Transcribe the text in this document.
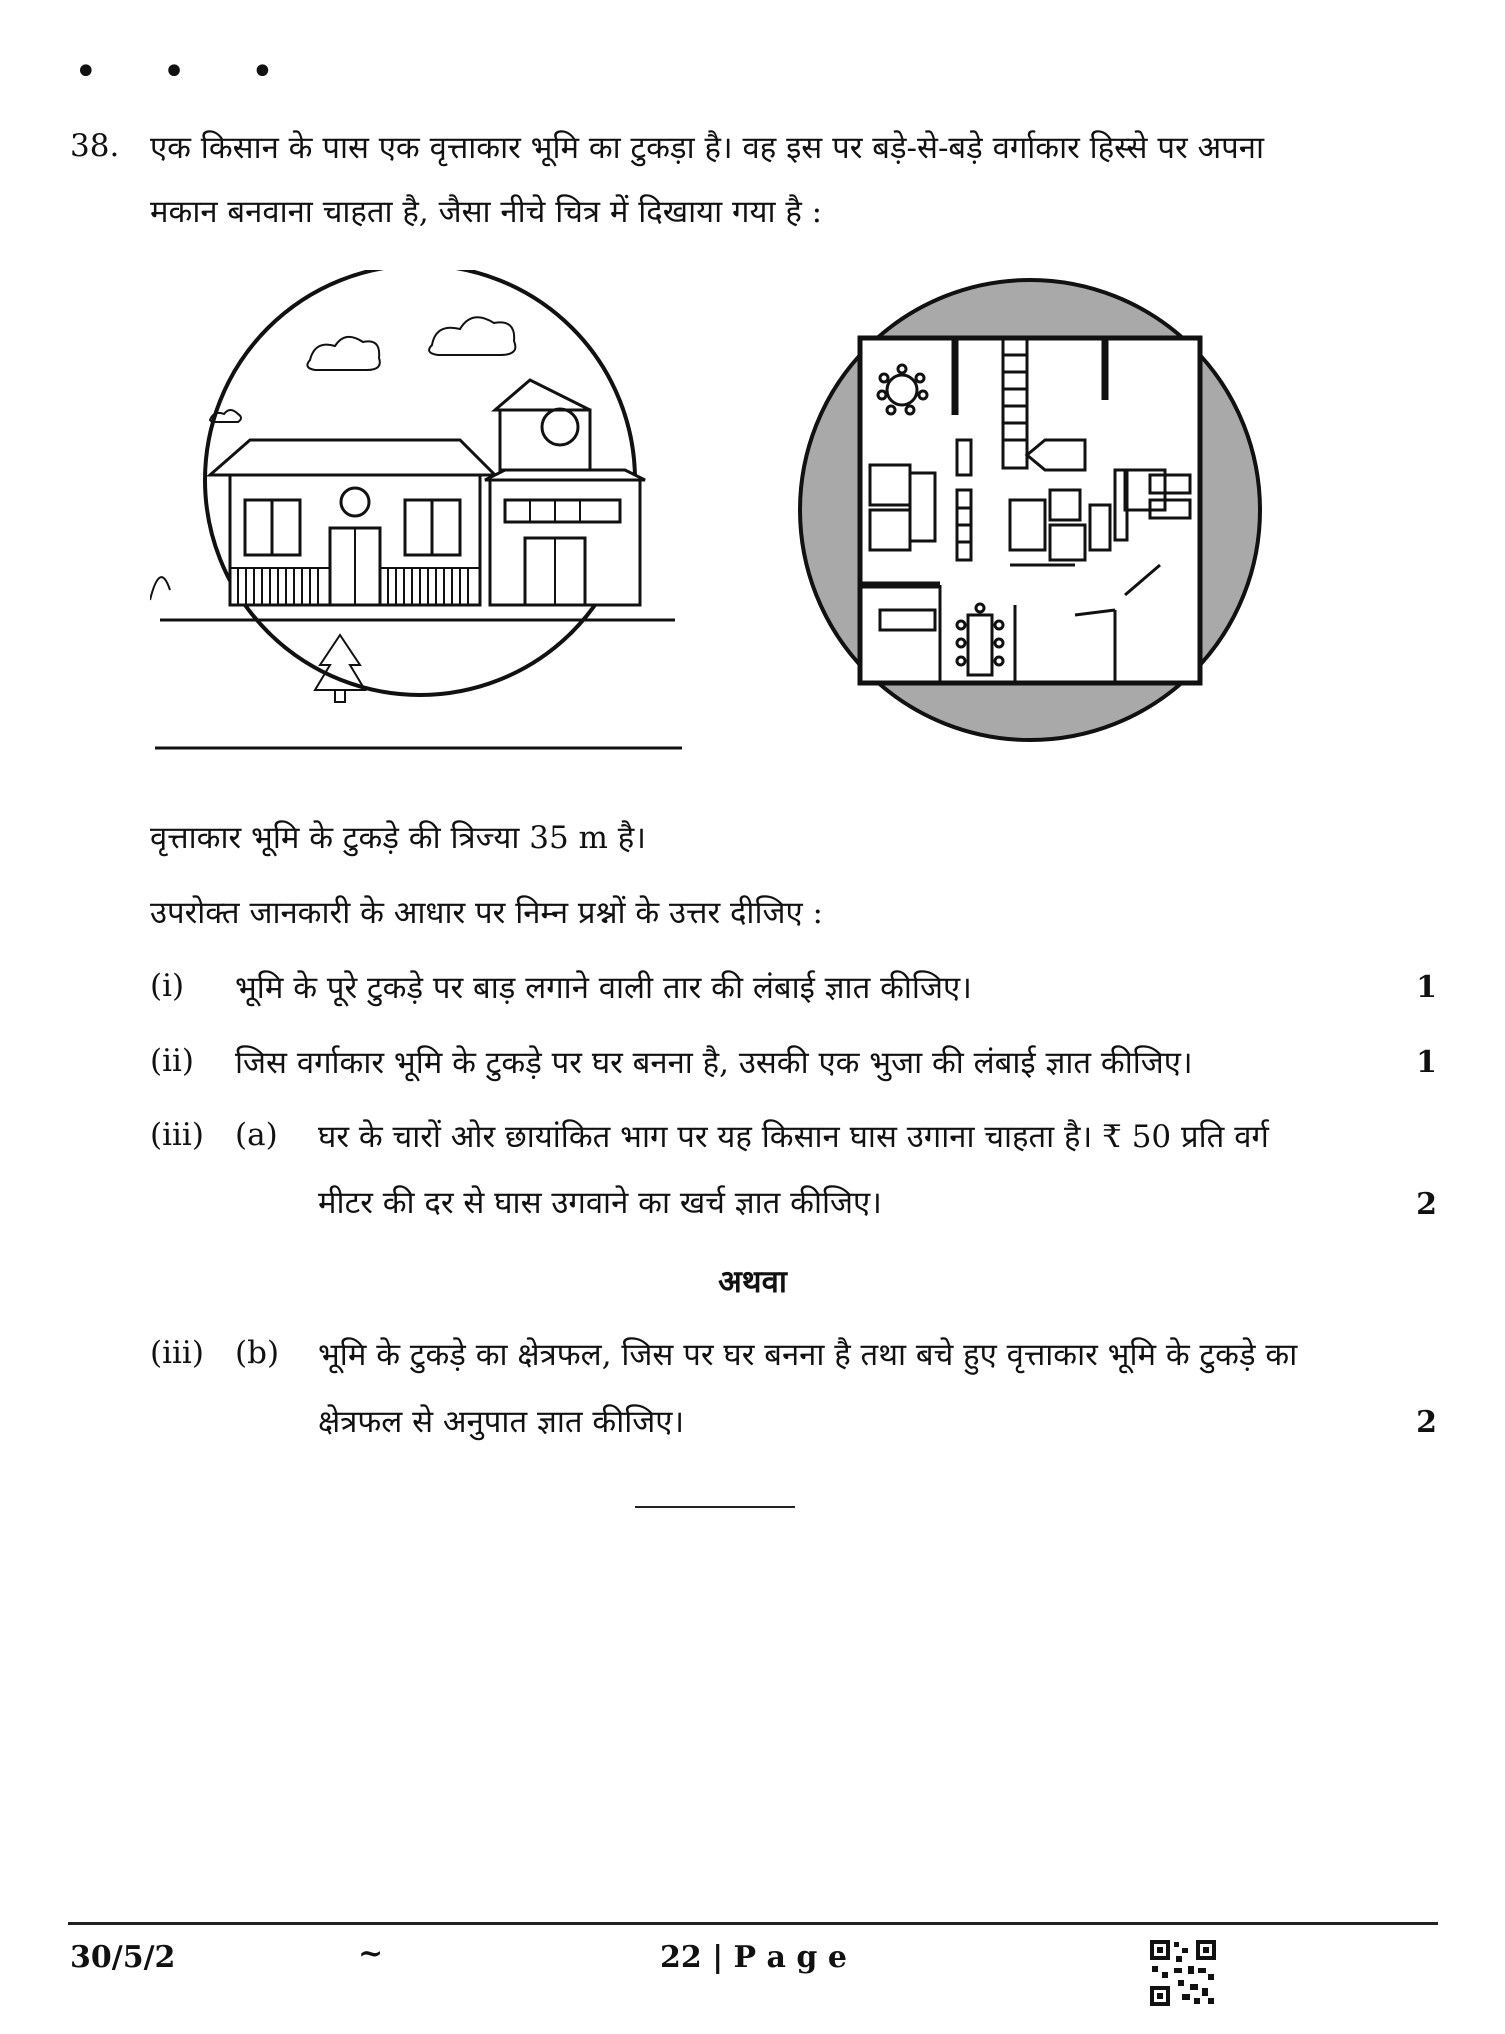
• • •
38. एक किसान के पास एक वृत्ताकार भूमि का टुकड़ा है। वह इस पर बड़े-से-बड़े वर्गाकार हिस्से पर अपना
मकान बनवाना चाहता है, जैसा नीचे चित्र में दिखाया गया है :
वृत्ताकार भूमि के टुकड़े की त्रिज्या 35 m है।
उपरोक्त जानकारी के आधार पर निम्न प्रश्नों के उत्तर दीजिए :
(i) भूमि के पूरे टुकड़े पर बाड़ लगाने वाली तार की लंबाई ज्ञात कीजिए।	1
(ii) जिस वर्गाकार भूमि के टुकड़े पर घर बनना है, उसकी एक भुजा की लंबाई ज्ञात कीजिए।	1
(iii) (a) घर के चारों ओर छायांकित भाग पर यह किसान घास उगाना चाहता है। ₹ 50 प्रति वर्ग
मीटर की दर से घास उगवाने का खर्च ज्ञात कीजिए।	2
अथवा
(iii) (b) भूमि के टुकड़े का क्षेत्रफल, जिस पर घर बनना है तथा बचे हुए वृत्ताकार भूमि के टुकड़े का
क्षेत्रफल से अनुपात ज्ञात कीजिए।	2
30/5/2	~	22 | P a g e
